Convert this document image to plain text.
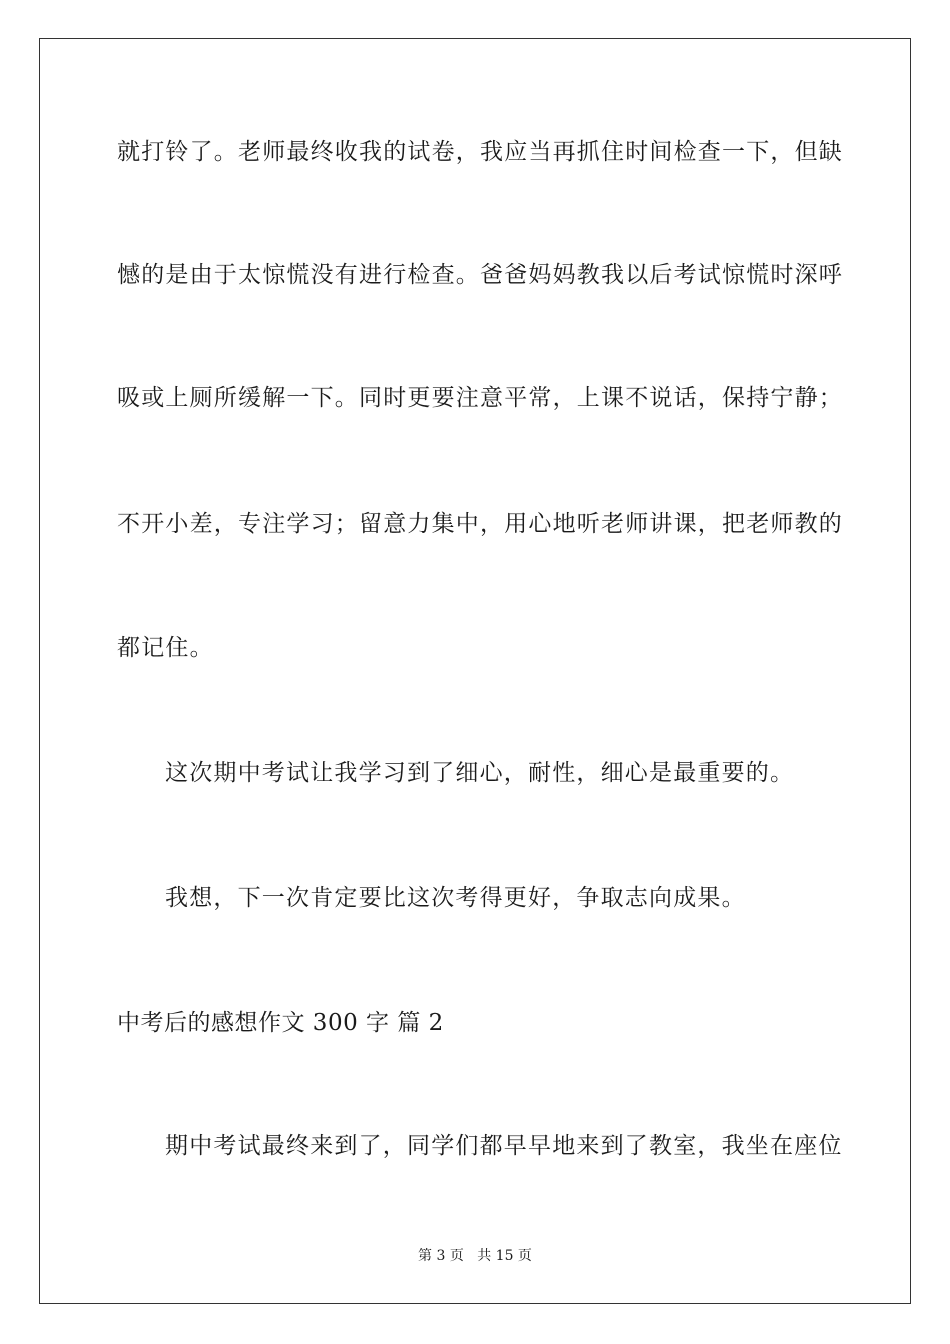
就打铃了。老师最终收我的试卷，我应当再抓住时间检查一下，但缺
憾的是由于太惊慌没有进行检查。爸爸妈妈教我以后考试惊慌时深呼
吸或上厕所缓解一下。同时更要注意平常，上课不说话，保持宁静；
不开小差，专注学习；留意力集中，用心地听老师讲课，把老师教的
都记住。
这次期中考试让我学习到了细心，耐性，细心是最重要的。
我想，下一次肯定要比这次考得更好，争取志向成果。
中考后的感想作文 300 字 篇 2
期中考试最终来到了，同学们都早早地来到了教室，我坐在座位
第 3 页 共 15 页
